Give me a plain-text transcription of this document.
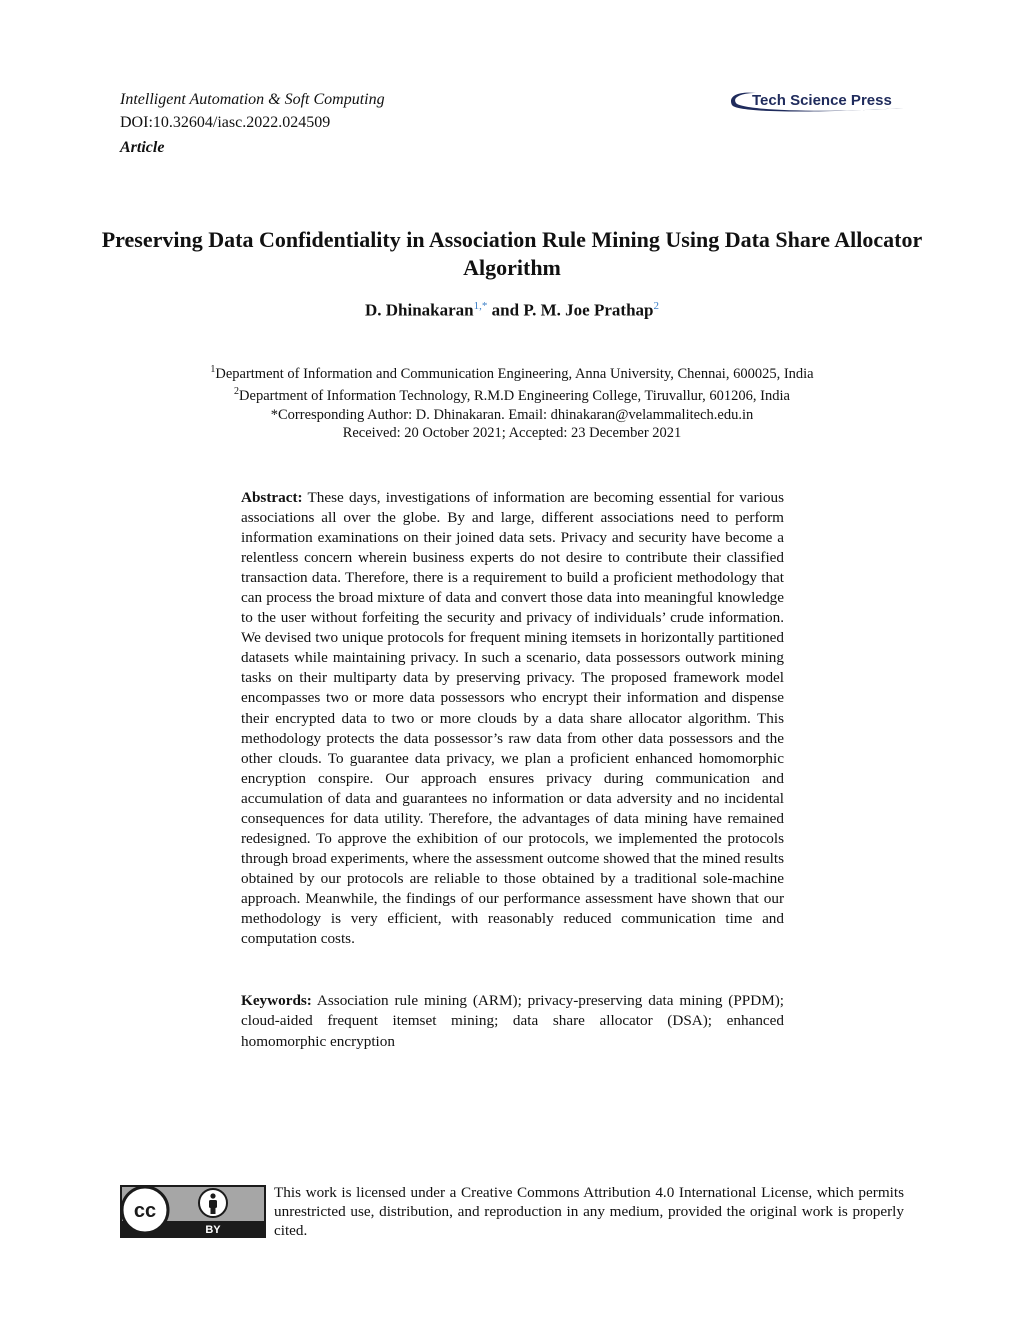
Intelligent Automation & Soft Computing
DOI:10.32604/iasc.2022.024509
Article
Tech Science Press
Preserving Data Confidentiality in Association Rule Mining Using Data Share Allocator Algorithm
D. Dhinakaran$^{1,*}$ and P. M. Joe Prathap$^2$
$^1$Department of Information and Communication Engineering, Anna University, Chennai, 600025, India
$^2$Department of Information Technology, R.M.D Engineering College, Tiruvallur, 601206, India
*Corresponding Author: D. Dhinakaran. Email: dhinakaran@velammalitech.edu.in
Received: 20 October 2021; Accepted: 23 December 2021
Abstract: These days, investigations of information are becoming essential for various associations all over the globe. By and large, different associations need to perform information examinations on their joined data sets. Privacy and security have become a relentless concern wherein business experts do not desire to contribute their classified transaction data. Therefore, there is a requirement to build a proficient methodology that can process the broad mixture of data and convert those data into meaningful knowledge to the user without forfeiting the security and privacy of individuals’ crude information. We devised two unique protocols for frequent mining itemsets in horizontally partitioned datasets while maintaining privacy. In such a scenario, data possessors outwork mining tasks on their multiparty data by preserving privacy. The proposed framework model encompasses two or more data possessors who encrypt their information and dispense their encrypted data to two or more clouds by a data share allocator algorithm. This methodology protects the data possessor’s raw data from other data possessors and the other clouds. To guarantee data privacy, we plan a proficient enhanced homomorphic encryption conspire. Our approach ensures privacy during communication and accumulation of data and guarantees no information or data adversity and no incidental consequences for data utility. Therefore, the advantages of data mining have remained redesigned. To approve the exhibition of our protocols, we implemented the protocols through broad experiments, where the assessment outcome showed that the mined results obtained by our protocols are reliable to those obtained by a traditional sole-machine approach. Meanwhile, the findings of our performance assessment have shown that our methodology is very efficient, with reasonably reduced communication time and computation costs.
Keywords: Association rule mining (ARM); privacy-preserving data mining (PPDM); cloud-aided frequent itemset mining; data share allocator (DSA); enhanced homomorphic encryption
cc
BY
This work is licensed under a Creative Commons Attribution 4.0 International License, which permits unrestricted use, distribution, and reproduction in any medium, provided the original work is properly cited.
